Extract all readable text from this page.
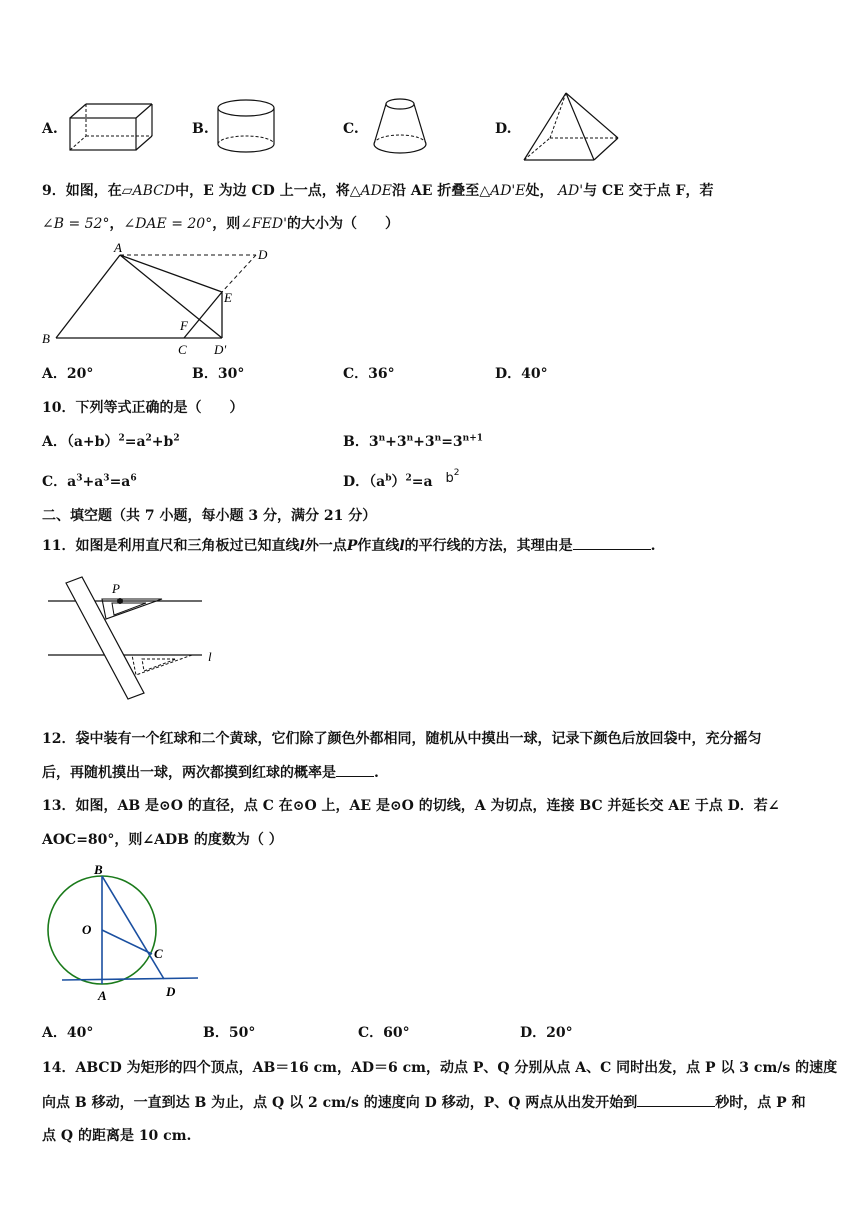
A.	B.	C.	D.
9．如图，在▱ABCD中，E 为边 CD 上一点，将△ADE沿 AE 折叠至△AD'E处， AD'与 CE 交于点 F，若
∠B = 52°，∠DAE = 20°，则∠FED'的大小为（　　）
A
B
C
D
E
F
D'
A．20°	B．30°	C．36°	D．40°
10．下列等式正确的是（　　）
A．$(a+b)^2=a^2+b^2$	B．$3^n+3^n+3^n=3^{n+1}$
C．$a^3+a^3=a^6$	D．$(a^b)^2=a$ $b^2$
二、填空题（共 7 小题，每小题 3 分，满分 21 分）
11．如图是利用直尺和三角板过已知直线l外一点P作直线l的平行线的方法，其理由是	.
P
l
12．袋中装有一个红球和二个黄球，它们除了颜色外都相同，随机从中摸出一球，记录下颜色后放回袋中，充分摇匀
后，再随机摸出一球，两次都摸到红球的概率是	.
13．如图，AB 是⊙O 的直径，点 C 在⊙O 上，AE 是⊙O 的切线，A 为切点，连接 BC 并延长交 AE 于点 D．若∠
AOC=80°，则∠ADB 的度数为（ ）
B
O
C
A	D
A．40°	B．50°	C．60°	D．20°
14．ABCD 为矩形的四个顶点，AB＝16 cm，AD＝6 cm，动点 P、Q 分别从点 A、C 同时出发，点 P 以 3 cm/s 的速度
向点 B 移动，一直到达 B 为止，点 Q 以 2 cm/s 的速度向 D 移动，P、Q 两点从出发开始到	秒时，点 P 和
点 Q 的距离是 10 cm.
